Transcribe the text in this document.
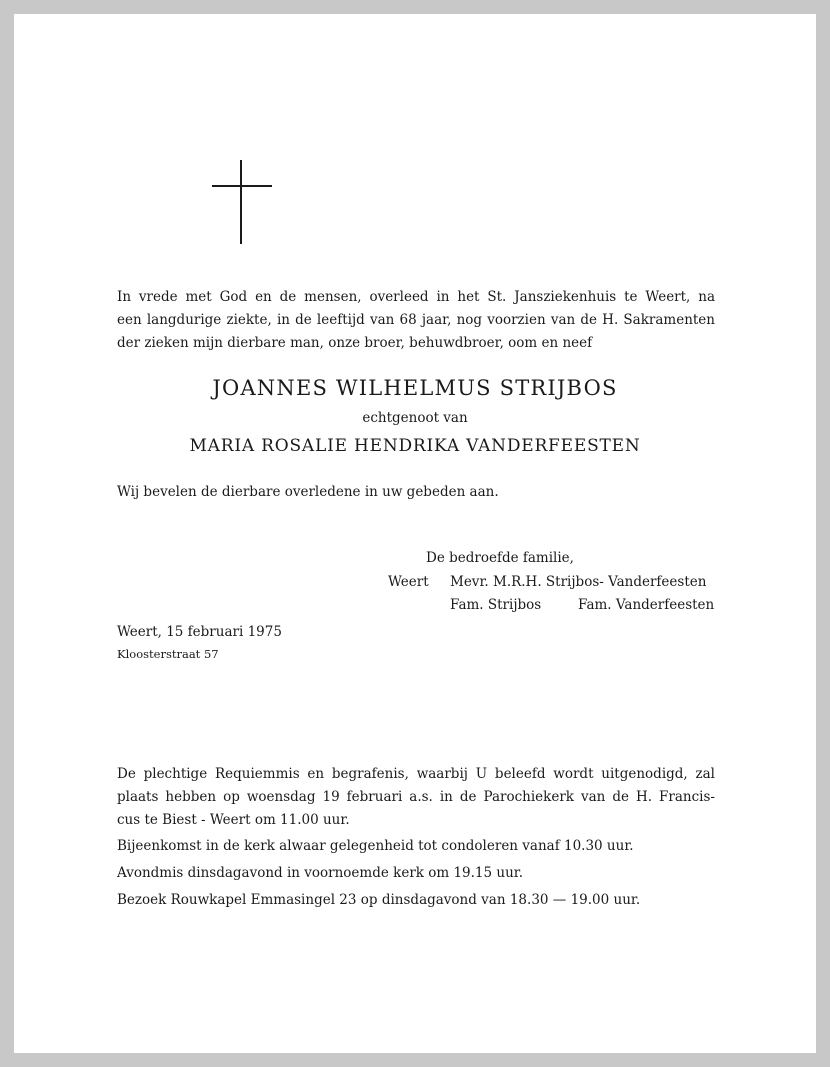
In vrede met God en de mensen, overleed in het St. Jansziekenhuis te Weert, na
een langdurige ziekte, in de leeftijd van 68 jaar, nog voorzien van de H. Sakramenten
der zieken mijn dierbare man, onze broer, behuwdbroer, oom en neef
JOANNES WILHELMUS STRIJBOS
echtgenoot van
MARIA ROSALIE HENDRIKA VANDERFEESTEN
Wij bevelen de dierbare overledene in uw gebeden aan.
De bedroefde familie,
Weert Mevr. M.R.H. Strijbos- Vanderfeesten
Fam. Strijbos	Fam. Vanderfeesten
Weert, 15 februari 1975
Kloosterstraat 57
De plechtige Requiemmis en begrafenis, waarbij U beleefd wordt uitgenodigd, zal
plaats hebben op woensdag 19 februari a.s. in de Parochiekerk van de H. Francis-
cus te Biest - Weert om 11.00 uur.
Bijeenkomst in de kerk alwaar gelegenheid tot condoleren vanaf 10.30 uur.
Avondmis dinsdagavond in voornoemde kerk om 19.15 uur.
Bezoek Rouwkapel Emmasingel 23 op dinsdagavond van 18.30 — 19.00 uur.
